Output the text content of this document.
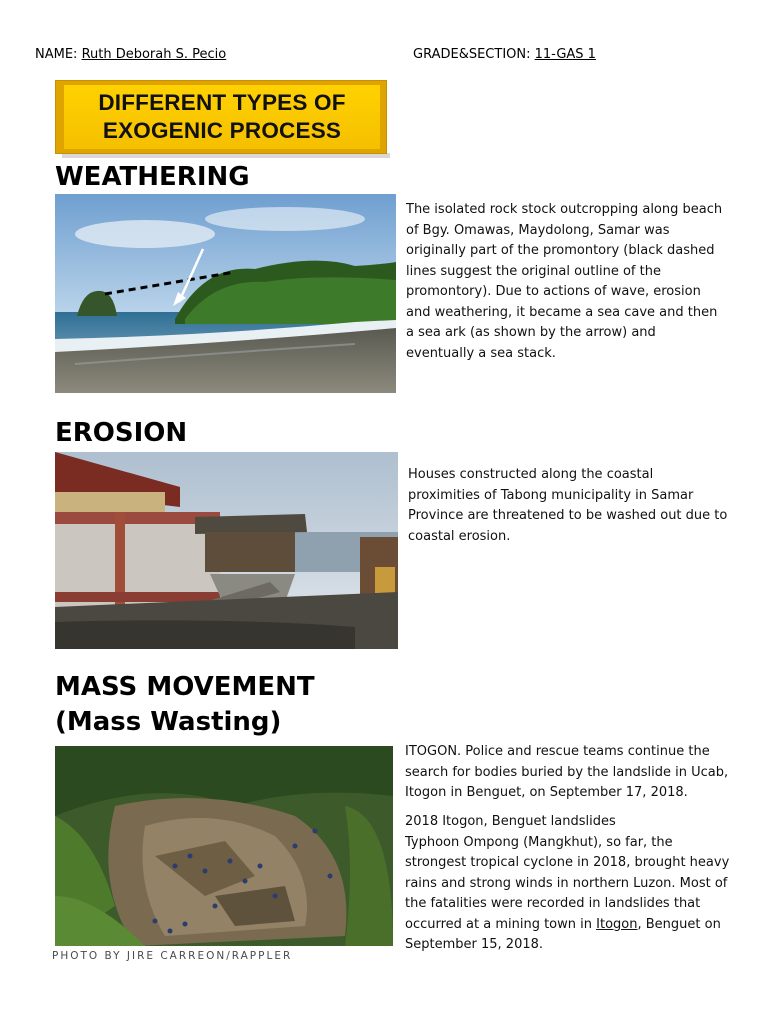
NAME: Ruth Deborah S. Pecio	GRADE&SECTION: 11-GAS 1
DIFFERENT TYPES OF
EXOGENIC PROCESS
WEATHERING
The isolated rock stock outcropping along beach of Bgy. Omawas, Maydolong, Samar was originally part of the promontory (black dashed lines suggest the original outline of the promontory). Due to actions of wave, erosion and weathering, it became a sea cave and then a sea ark (as shown by the arrow) and eventually a sea stack.
EROSION
Houses constructed along the coastal proximities of Tabong municipality in Samar Province are threatened to be washed out due to coastal erosion.
MASS MOVEMENT
(Mass Wasting)
ITOGON. Police and rescue teams continue the search for bodies buried by the landslide in Ucab, Itogon in Benguet, on September 17, 2018.
2018 Itogon, Benguet landslides
Typhoon Ompong (Mangkhut), so far, the strongest tropical cyclone in 2018, brought heavy rains and strong winds in northern Luzon. Most of the fatalities were recorded in landslides that occurred at a mining town in Itogon, Benguet on September 15, 2018.
PHOTO BY JIRE CARREON/RAPPLER
